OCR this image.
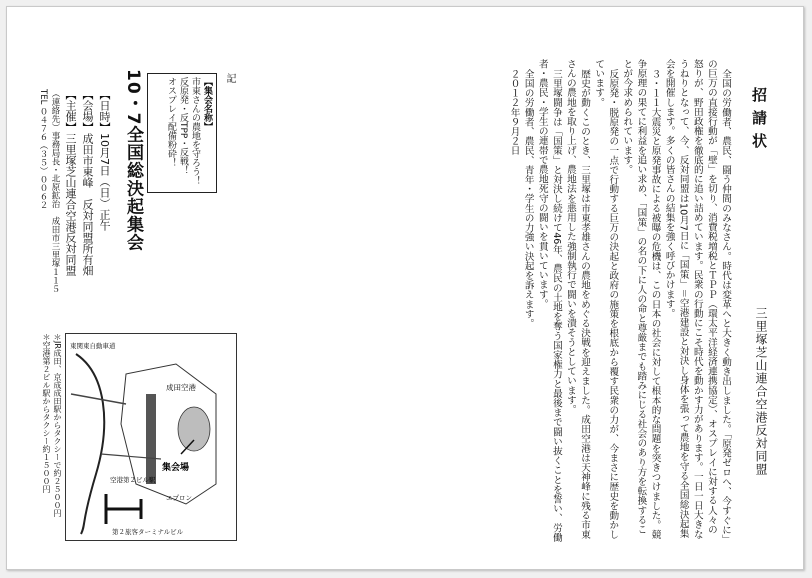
招請状
三里塚芝山連合空港反対同盟

全国の労働者、農民、闘う仲間のみなさん。時代は変革へと大きく動き出しました。「原発ゼロへ、今すぐに」の巨万の直接行動が「壁」を切り、消費税増税とＴＰＰ（環太平洋経済連携協定）、オスプレイに対する人々の怒りが、野田政権を徹底的に追い詰めています。民衆の行動にこそ時代を動かす力があります。一日一日大きなうねりとなって、今、反対同盟は10月7日に「国策」＝空港建設と対決し身体を張って農地を守る全国総決起集会を開催します。多くの皆さんの結集を強く呼びかけます。

３・１１大震災と原発事故による被曝の危機は、この日本の社会に対して根本的な問題を突きつけました。競争原理の果てに利益を追い求め、「国策」の名の下に人の命と尊厳までも踏みにじる社会のあり方を転換することが今求められています。

反原発・脱原発の一点で行動する巨万の決起と政府の施策を根底から覆す民衆の力が、今まさに歴史を動かしています。

歴史が動くこのとき、三里塚は市東孝雄さんの農地をめぐる決戦を迎えました。成田空港は天神峰に残る市東さんの農地を取り上げ、農地法を悪用した強制執行で闘いを潰そうとしています。

三里塚闘争は「国策」と対決し続けて46年、農民の土地を奪う国家権力と最後まで闘い抜くことを誓い、労働者・農民・学生の連帯で農地死守の闘いを貫いています。

全国の労働者、農民、青年・学生の力強い決起を訴えます。

２０１２年９月２日

記
【集会名称】
市東さんの農地を守ろう！
反原発・反TPP・反戦！
オスプレイ配備粉砕！
10・7全国総決起集会
【日時】10月7日（日）正午
【会場】成田市東峰　反対同盟所有畑
【主催】三里塚芝山連合空港反対同盟
（連絡先）事務局長・北原鉱治　成田市三里塚１１５
TEL ０４７６（３５）００６２
＊JR成田、京成成田駅からタクシーで約２５００円
＊空港第２ビル駅からタクシー約１５００円	集会場
成田空港
エプロン
第２旅客ターミナルビル
東関東自動車道
空港第２ビル駅
